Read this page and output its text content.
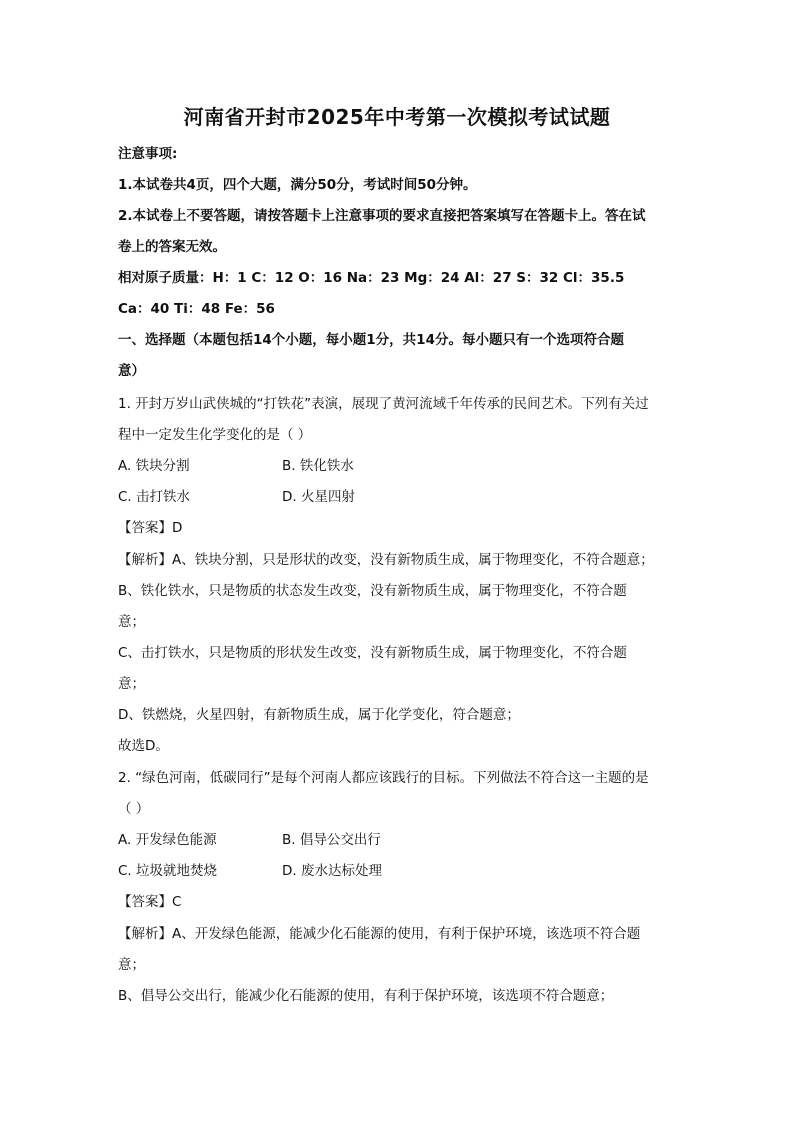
河南省开封市2025年中考第一次模拟考试试题
注意事项:
1.本试卷共4页，四个大题，满分50分，考试时间50分钟。
2.本试卷上不要答题，请按答题卡上注意事项的要求直接把答案填写在答题卡上。答在试
卷上的答案无效。
相对原子质量：H：1 C：12 O：16 Na：23 Mg：24 Al：27 S：32 Cl：35.5
Ca：40 Ti：48 Fe：56
一、选择题（本题包括14个小题，每小题1分，共14分。每小题只有一个选项符合题
意）
1. 开封万岁山武侠城的“打铁花”表演，展现了黄河流域千年传承的民间艺术。下列有关过
程中一定发生化学变化的是（ ）
A. 铁块分割	B. 铁化铁水
C. 击打铁水	D. 火星四射
【答案】D
【解析】A、铁块分割，只是形状的改变，没有新物质生成，属于物理变化，不符合题意；
B、铁化铁水，只是物质的状态发生改变，没有新物质生成，属于物理变化，不符合题
意；
C、击打铁水，只是物质的形状发生改变，没有新物质生成，属于物理变化，不符合题
意；
D、铁燃烧，火星四射，有新物质生成，属于化学变化，符合题意；
故选D。
2. “绿色河南，低碳同行”是每个河南人都应该践行的目标。下列做法不符合这一主题的是
（ ）
A. 开发绿色能源	B. 倡导公交出行
C. 垃圾就地焚烧	D. 废水达标处理
【答案】C
【解析】A、开发绿色能源，能减少化石能源的使用，有利于保护环境，该选项不符合题
意；
B、倡导公交出行，能减少化石能源的使用，有利于保护环境，该选项不符合题意；
